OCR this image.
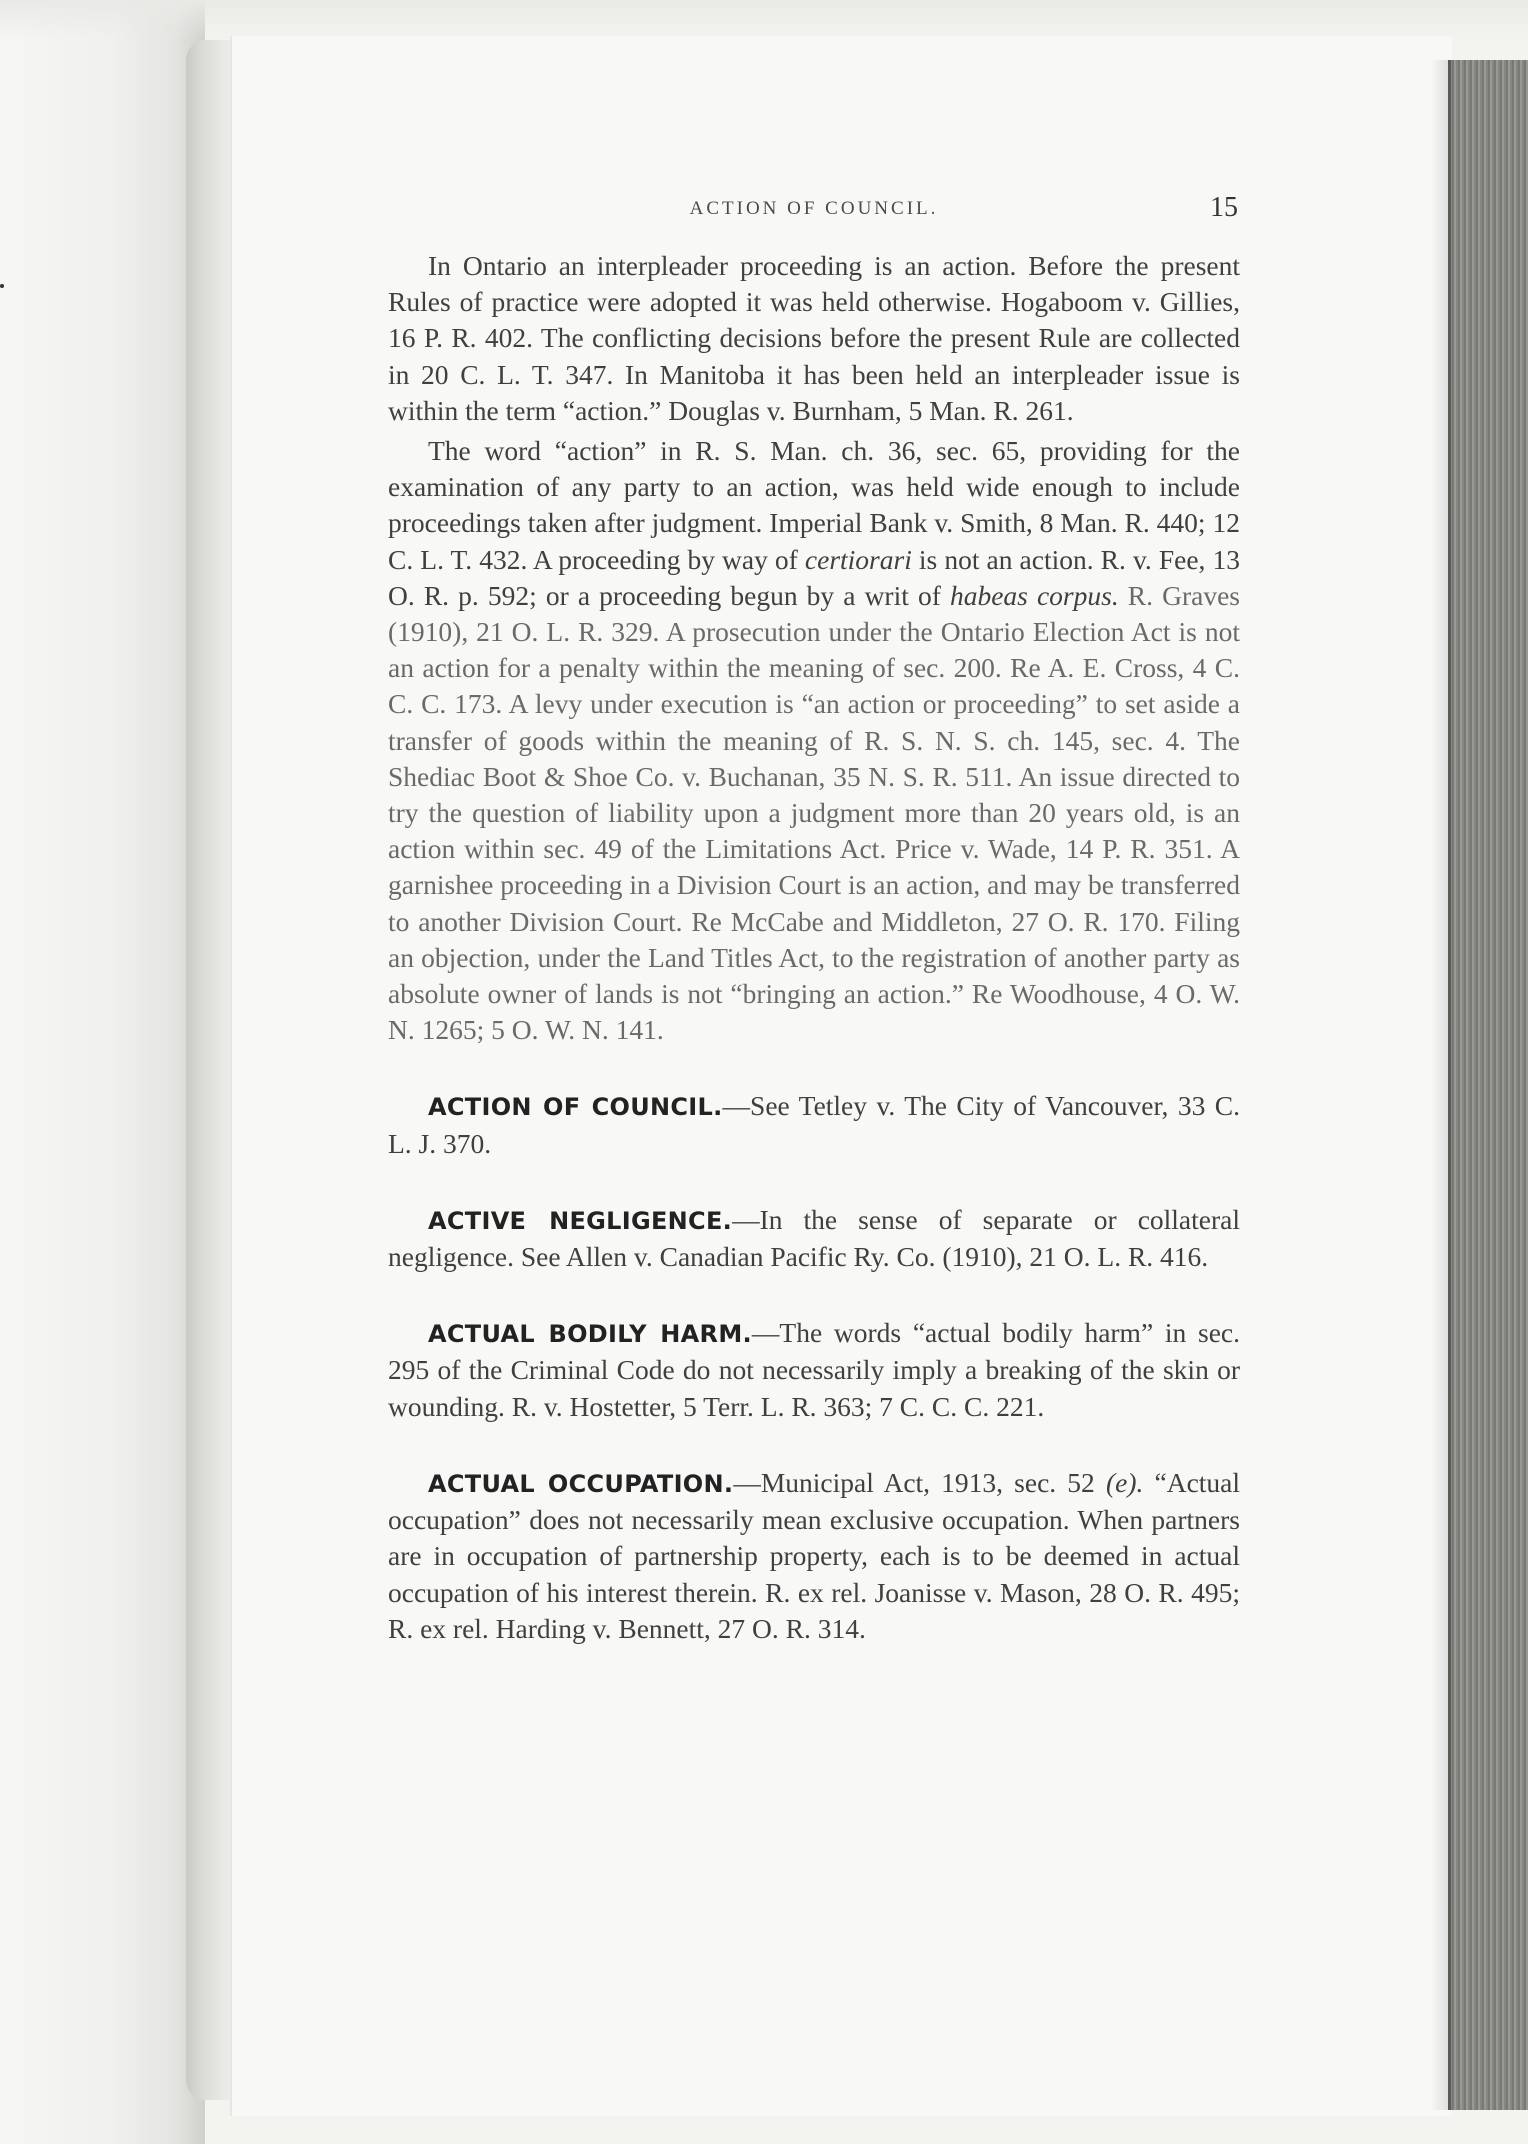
ACTION OF COUNCIL.	15

In Ontario an interpleader proceeding is an action. Before the present Rules of practice were adopted it was held otherwise. Hogaboom v. Gillies, 16 P. R. 402. The conflicting decisions before the present Rule are collected in 20 C. L. T. 347. In Manitoba it has been held an interpleader issue is within the term “action.” Douglas v. Burnham, 5 Man. R. 261.

The word “action” in R. S. Man. ch. 36, sec. 65, providing for the examination of any party to an action, was held wide enough to include proceedings taken after judgment. Imperial Bank v. Smith, 8 Man. R. 440; 12 C. L. T. 432. A proceeding by way of certiorari is not an action. R. v. Fee, 13 O. R. p. 592; or a proceeding begun by a writ of habeas corpus. R. Graves (1910), 21 O. L. R. 329. A prosecution under the Ontario Election Act is not an action for a penalty within the meaning of sec. 200. Re A. E. Cross, 4 C. C. C. 173. A levy under execution is “an action or proceeding” to set aside a transfer of goods within the meaning of R. S. N. S. ch. 145, sec. 4. The Shediac Boot & Shoe Co. v. Buchanan, 35 N. S. R. 511. An issue directed to try the question of liability upon a judgment more than 20 years old, is an action within sec. 49 of the Limitations Act. Price v. Wade, 14 P. R. 351. A garnishee proceeding in a Division Court is an action, and may be transferred to another Division Court. Re McCabe and Middleton, 27 O. R. 170. Filing an objection, under the Land Titles Act, to the registration of another party as absolute owner of lands is not “bringing an action.” Re Woodhouse, 4 O. W. N. 1265; 5 O. W. N. 141.

ACTION OF COUNCIL.—See Tetley v. The City of Vancouver, 33 C. L. J. 370.

ACTIVE NEGLIGENCE.—In the sense of separate or collateral negligence. See Allen v. Canadian Pacific Ry. Co. (1910), 21 O. L. R. 416.

ACTUAL BODILY HARM.—The words “actual bodily harm” in sec. 295 of the Criminal Code do not necessarily imply a breaking of the skin or wounding. R. v. Hostetter, 5 Terr. L. R. 363; 7 C. C. C. 221.

ACTUAL OCCUPATION.—Municipal Act, 1913, sec. 52 (e). “Actual occupation” does not necessarily mean exclusive occupation. When partners are in occupation of partnership property, each is to be deemed in actual occupation of his interest therein. R. ex rel. Joanisse v. Mason, 28 O. R. 495; R. ex rel. Harding v. Bennett, 27 O. R. 314.
